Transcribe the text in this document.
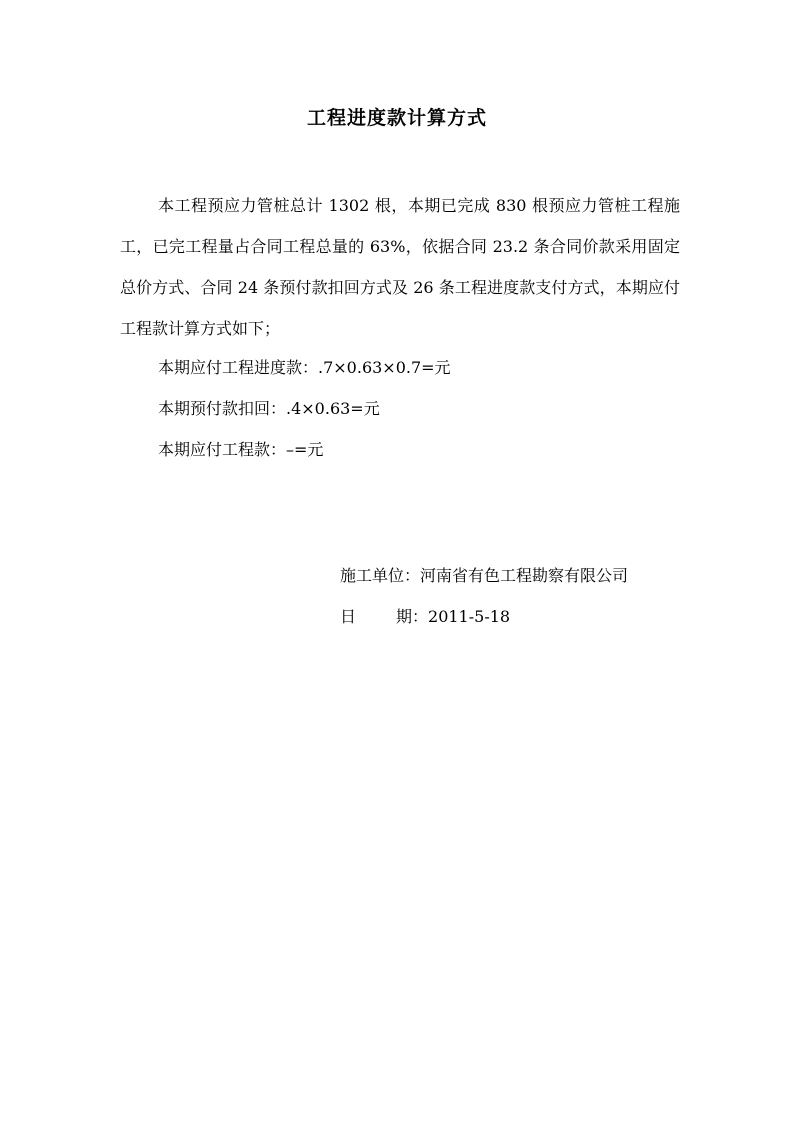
工程进度款计算方式
本工程预应力管桩总计 1302 根，本期已完成 830 根预应力管桩工程施工，已完工程量占合同工程总量的 63%，依据合同 23.2 条合同价款采用固定总价方式、合同 24 条预付款扣回方式及 26 条工程进度款支付方式，本期应付工程款计算方式如下；
本期应付工程进度款：.7×0.63×0.7=元
本期预付款扣回：.4×0.63=元
本期应付工程款：–=元
施工单位：河南省有色工程勘察有限公司
日	期：2011-5-18
